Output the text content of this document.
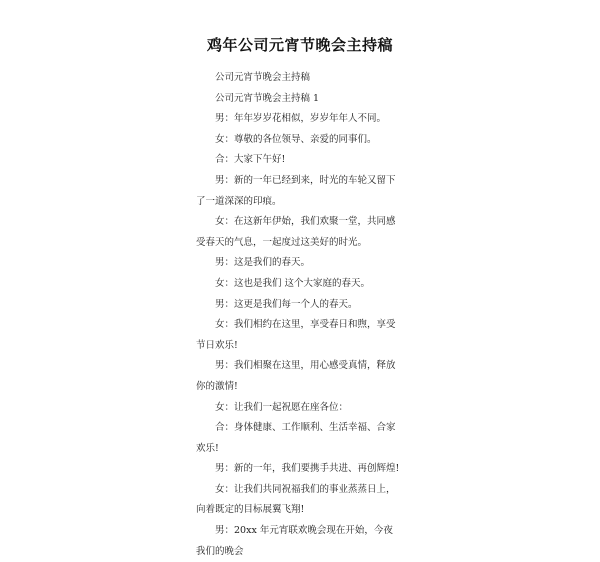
鸡年公司元宵节晚会主持稿

公司元宵节晚会主持稿

公司元宵节晚会主持稿 1

男：年年岁岁花相似，岁岁年年人不同。

女：尊敬的各位领导、亲爱的同事们。

合：大家下午好!

男：新的一年已经到来，时光的车轮又留下了一道深深的印痕。

女：在这新年伊始，我们欢聚一堂，共同感受春天的气息，一起度过这美好的时光。

男：这是我们的春天。

女：这也是我们 这个大家庭的春天。

男：这更是我们每一个人的春天。

女：我们相约在这里，享受春日和煦，享受节日欢乐!

男：我们相聚在这里，用心感受真情，释放你的激情!

女：让我们一起祝愿在座各位：

合：身体健康、工作顺利、生活幸福、合家欢乐!

男：新的一年，我们要携手共进、再创辉煌!

女：让我们共同祝福我们的事业蒸蒸日上，向着既定的目标展翼飞翔!

男：20xx 年元宵联欢晚会现在开始，今夜我们的晚会
